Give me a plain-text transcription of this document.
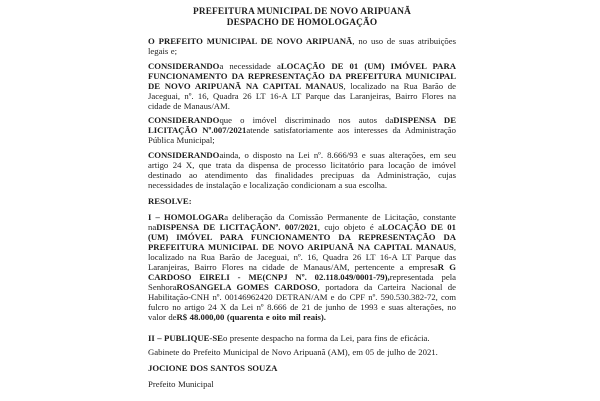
PREFEITURA MUNICIPAL DE NOVO ARIPUANÃ
DESPACHO DE HOMOLOGAÇÃO

O PREFEITO MUNICIPAL DE NOVO ARIPUANÃ, no uso de suas atribuições legais e;

CONSIDERANDOa necessidade aLOCAÇÃO DE 01 (UM) IMÓVEL PARA FUNCIONAMENTO DA REPRESENTAÇÃO DA PREFEITURA MUNICIPAL DE NOVO ARIPUANÃ NA CAPITAL MANAUS, localizado na Rua Barão de Jaceguai, nº. 16, Quadra 26 LT 16-A LT Parque das Laranjeiras, Bairro Flores na cidade de Manaus/AM.

CONSIDERANDOque o imóvel discriminado nos autos daDISPENSA DE LICITAÇÃO Nº.007/2021atende satisfatoriamente aos interesses da Administração Pública Municipal;

CONSIDERANDOainda, o disposto na Lei nº. 8.666/93 e suas alterações, em seu artigo 24 X, que trata da dispensa de processo licitatório para locação de imóvel destinado ao atendimento das finalidades precipuas da Administração, cujas necessidades de instalação e localização condicionam a sua escolha.

RESOLVE:

I – HOMOLOGARa deliberação da Comissão Permanente de Licitação, constante naDISPENSA DE LICITAÇÃONº. 007/2021, cujo objeto é aLOCAÇÃO DE 01 (UM) IMÓVEL PARA FUNCIONAMENTO DA REPRESENTAÇÃO DA PREFEITURA MUNICIPAL DE NOVO ARIPUANÃ NA CAPITAL MANAUS, localizado na Rua Barão de Jaceguai, nº. 16, Quadra 26 LT 16-A LT Parque das Laranjeiras, Bairro Flores na cidade de Manaus/AM, pertencente a empresaR G CARDOSO EIRELI - ME(CNPJ Nº. 02.118.049/0001-79),representada pela SenhoraROSANGELA GOMES CARDOSO, portadora da Carteira Nacional de Habilitação-CNH nº. 00146962420 DETRAN/AM e do CPF nº. 590.530.382-72, com fulcro no artigo 24 X da Lei nº 8.666 de 21 de junho de 1993 e suas alterações, no valor deR$ 48.000,00 (quarenta e oito mil reais).

II – PUBLIQUE-SEo presente despacho na forma da Lei, para fins de eficácia.

Gabinete do Prefeito Municipal de Novo Aripuanã (AM), em 05 de julho de 2021.

JOCIONE DOS SANTOS SOUZA

Prefeito Municipal
